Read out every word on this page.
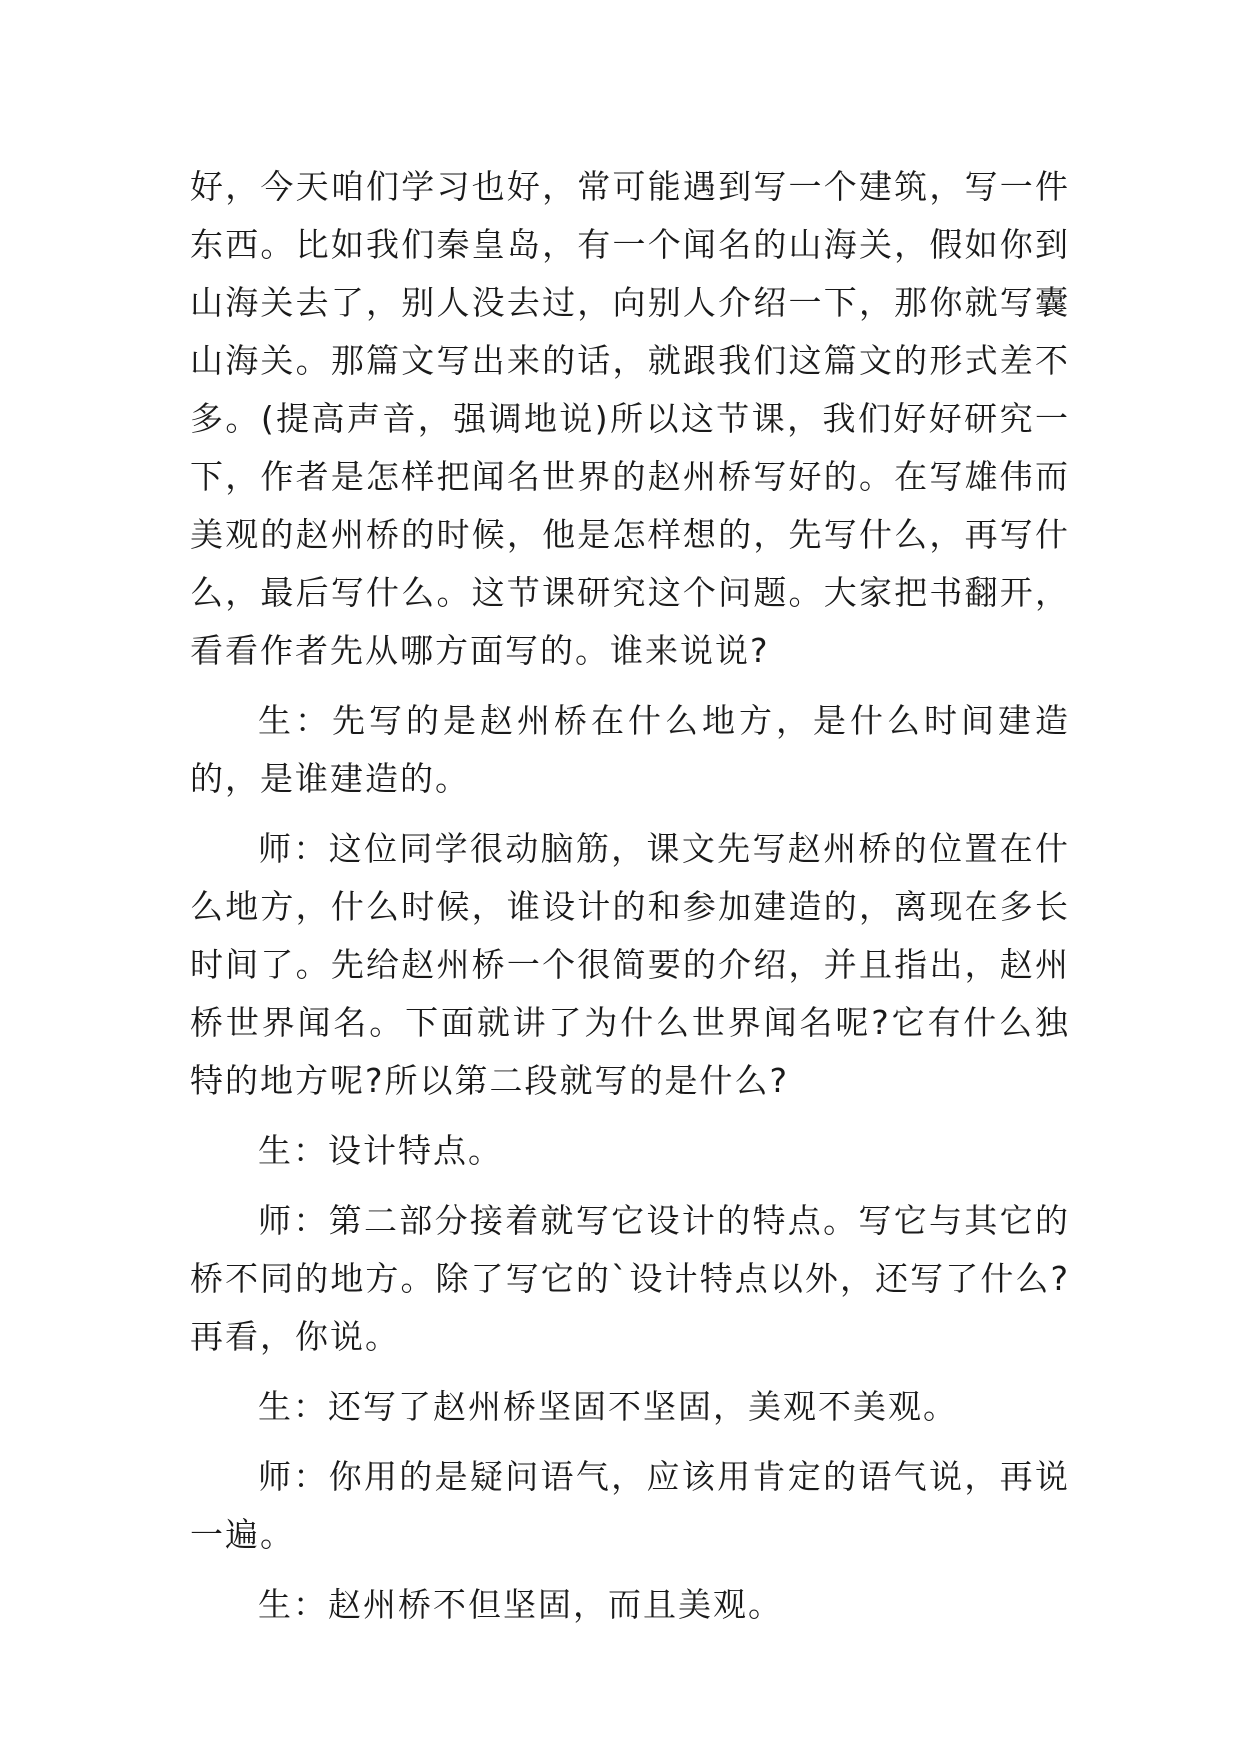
好，今天咱们学习也好，常可能遇到写一个建筑，写一件东西。比如我们秦皇岛，有一个闻名的山海关，假如你到山海关去了，别人没去过，向别人介绍一下，那你就写囊山海关。那篇文写出来的话，就跟我们这篇文的形式差不多。(提高声音，强调地说)所以这节课，我们好好研究一下，作者是怎样把闻名世界的赵州桥写好的。在写雄伟而美观的赵州桥的时候，他是怎样想的，先写什么，再写什么，最后写什么。这节课研究这个问题。大家把书翻开，看看作者先从哪方面写的。谁来说说?

生：先写的是赵州桥在什么地方，是什么时间建造的，是谁建造的。

师：这位同学很动脑筋，课文先写赵州桥的位置在什么地方，什么时候，谁设计的和参加建造的，离现在多长时间了。先给赵州桥一个很简要的介绍，并且指出，赵州桥世界闻名。下面就讲了为什么世界闻名呢?它有什么独特的地方呢?所以第二段就写的是什么?

生：设计特点。

师：第二部分接着就写它设计的特点。写它与其它的桥不同的地方。除了写它的`设计特点以外，还写了什么?再看，你说。

生：还写了赵州桥坚固不坚固，美观不美观。

师：你用的是疑问语气，应该用肯定的语气说，再说一遍。

生：赵州桥不但坚固，而且美观。
